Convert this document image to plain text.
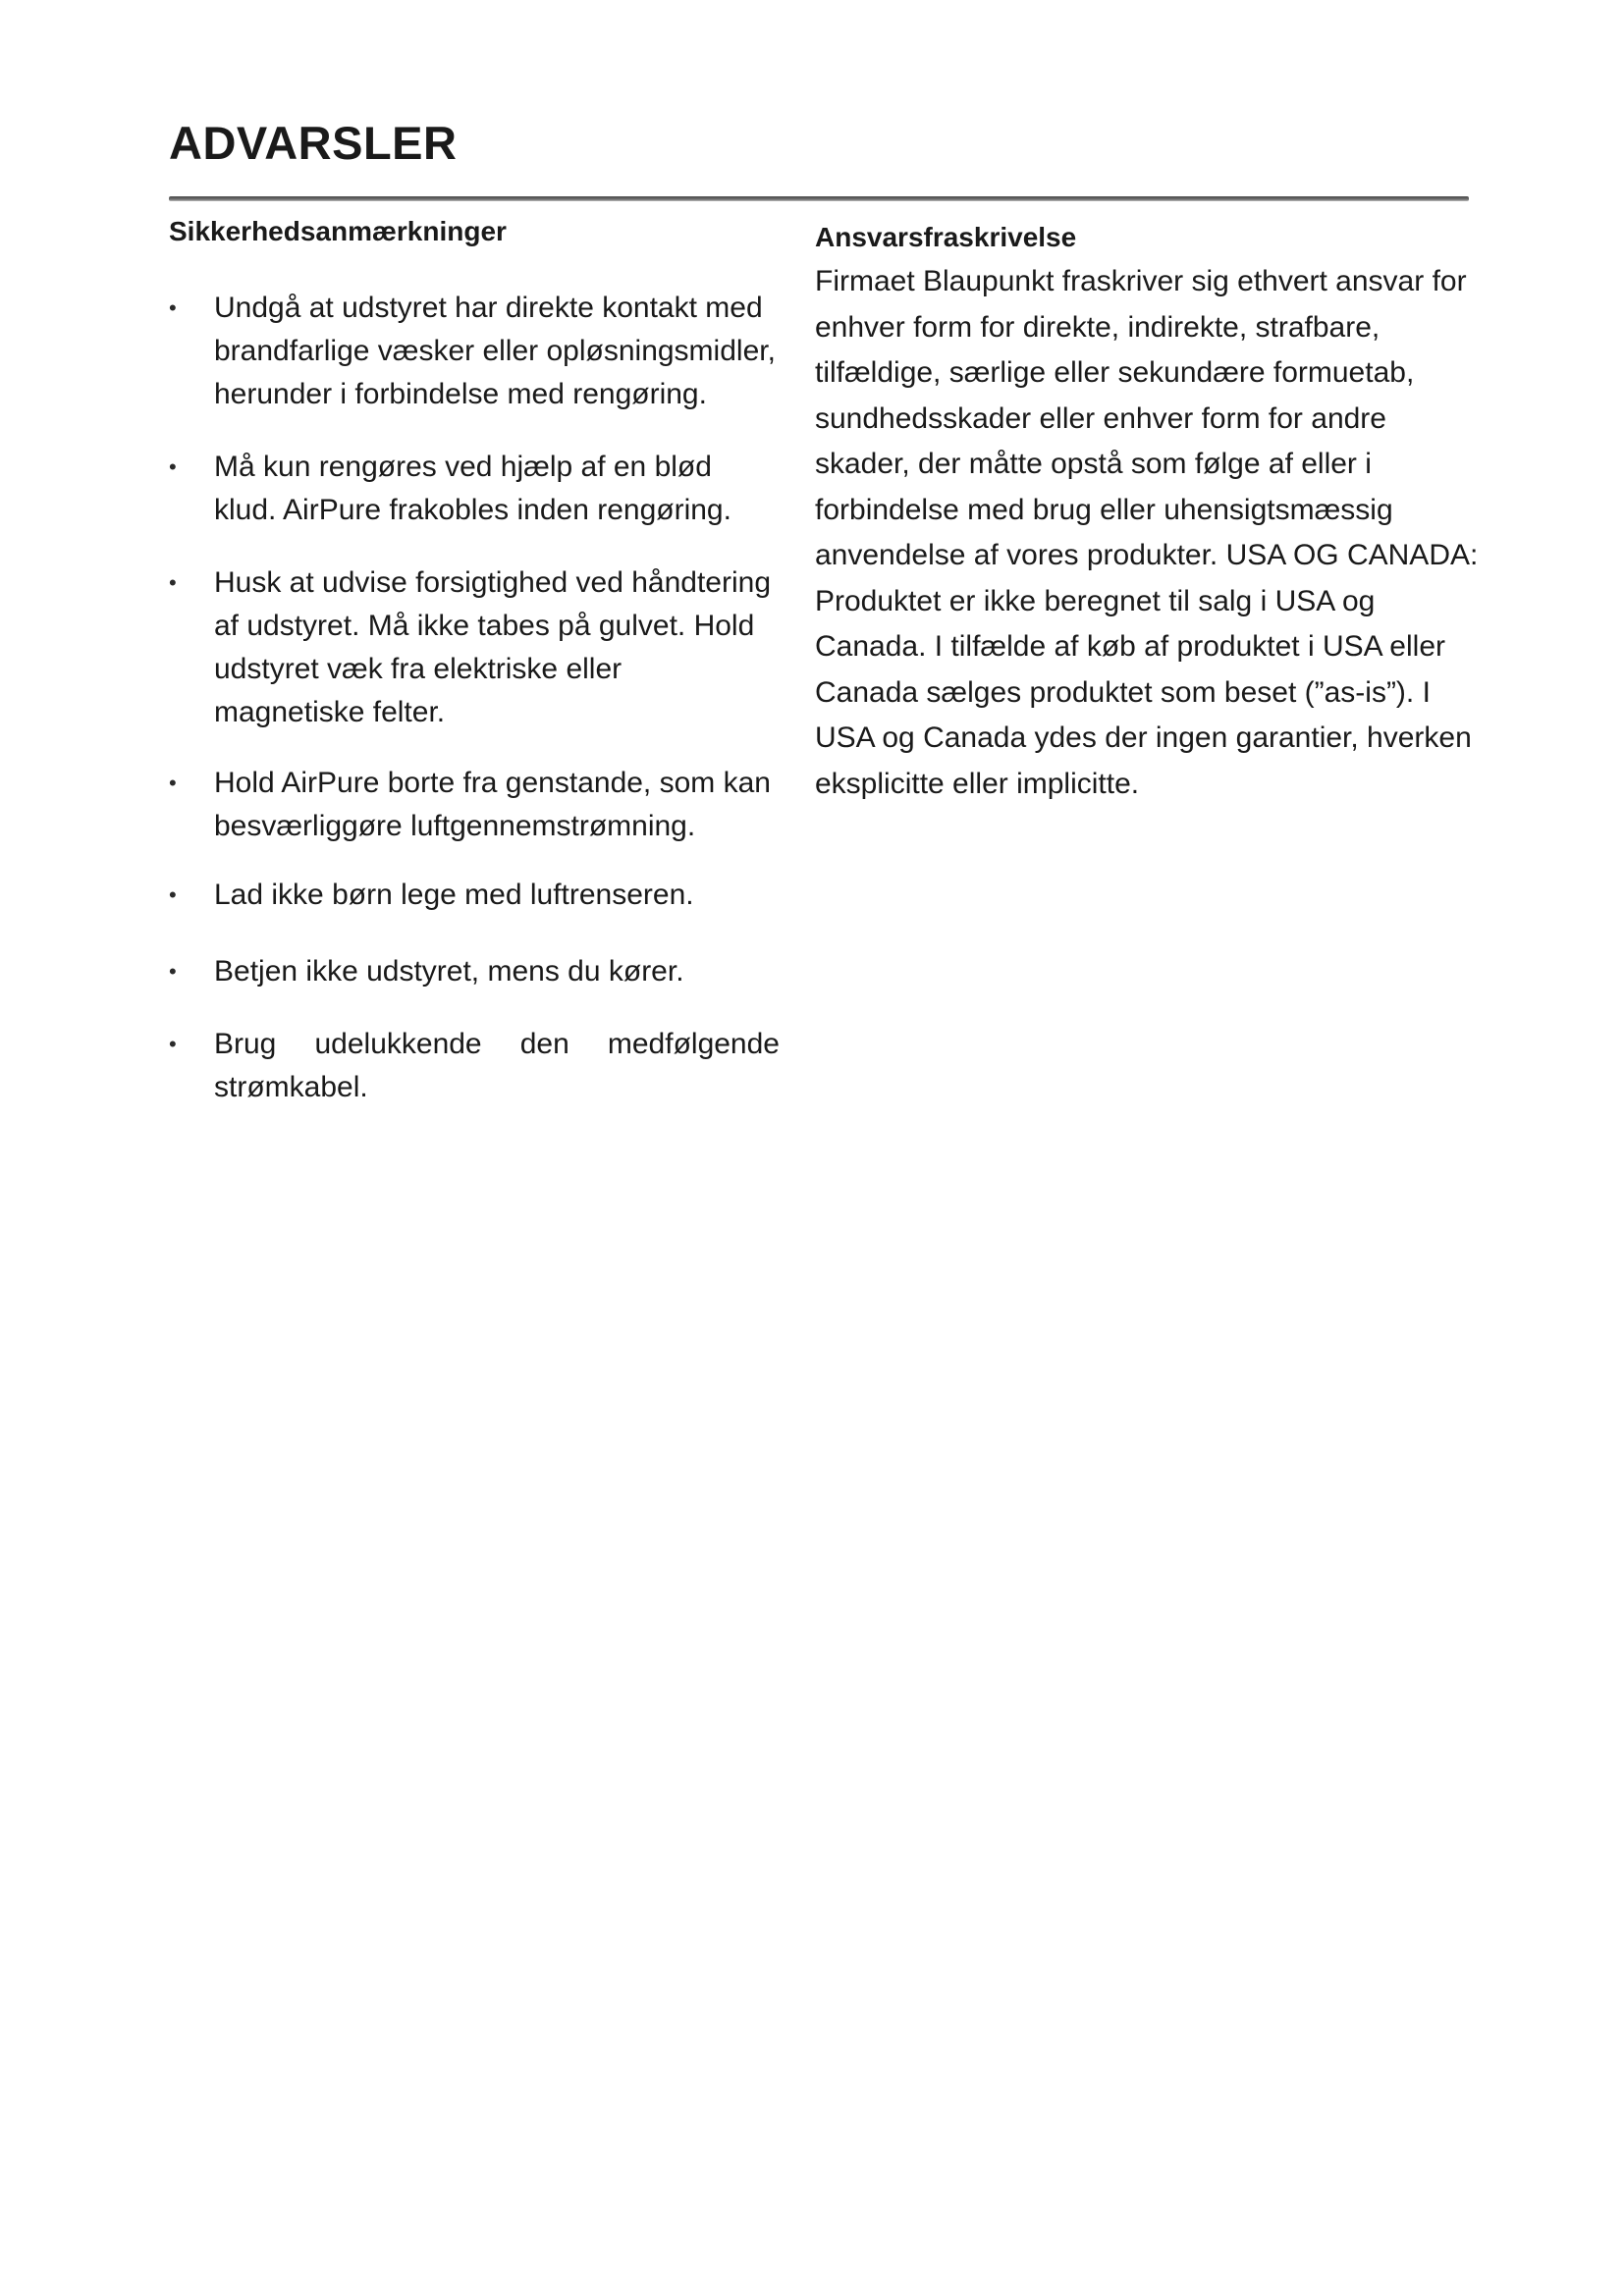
ADVARSLER
Sikkerhedsanmærkninger
•	Undgå at udstyret har direkte kontakt med brandfarlige væsker eller opløsningsmidler, herunder i forbindelse med rengøring.
•	Må kun rengøres ved hjælp af en blød klud. AirPure frakobles inden rengøring.
•	Husk at udvise forsigtighed ved håndtering af udstyret. Må ikke tabes på gulvet. Hold udstyret væk fra elektriske eller magnetiske felter.
•	Hold AirPure borte fra genstande, som kan besværliggøre luftgennemstrømning.
•	Lad ikke børn lege med luftrenseren.
•	Betjen ikke udstyret, mens du kører.
•	Brug udelukkende den medfølgende strømkabel.
Ansvarsfraskrivelse

Firmaet Blaupunkt fraskriver sig ethvert ansvar for enhver form for direkte, indirekte, strafbare, tilfældige, særlige eller sekundære formuetab, sundhedsskader eller enhver form for andre skader, der måtte opstå som følge af eller i forbindelse med brug eller uhensigtsmæssig anvendelse af vores produkter. USA OG CANADA: Produktet er ikke beregnet til salg i USA og Canada. I tilfælde af køb af produktet i USA eller Canada sælges produktet som beset (”as-is”). I USA og Canada ydes der ingen garantier, hverken eksplicitte eller implicitte.
